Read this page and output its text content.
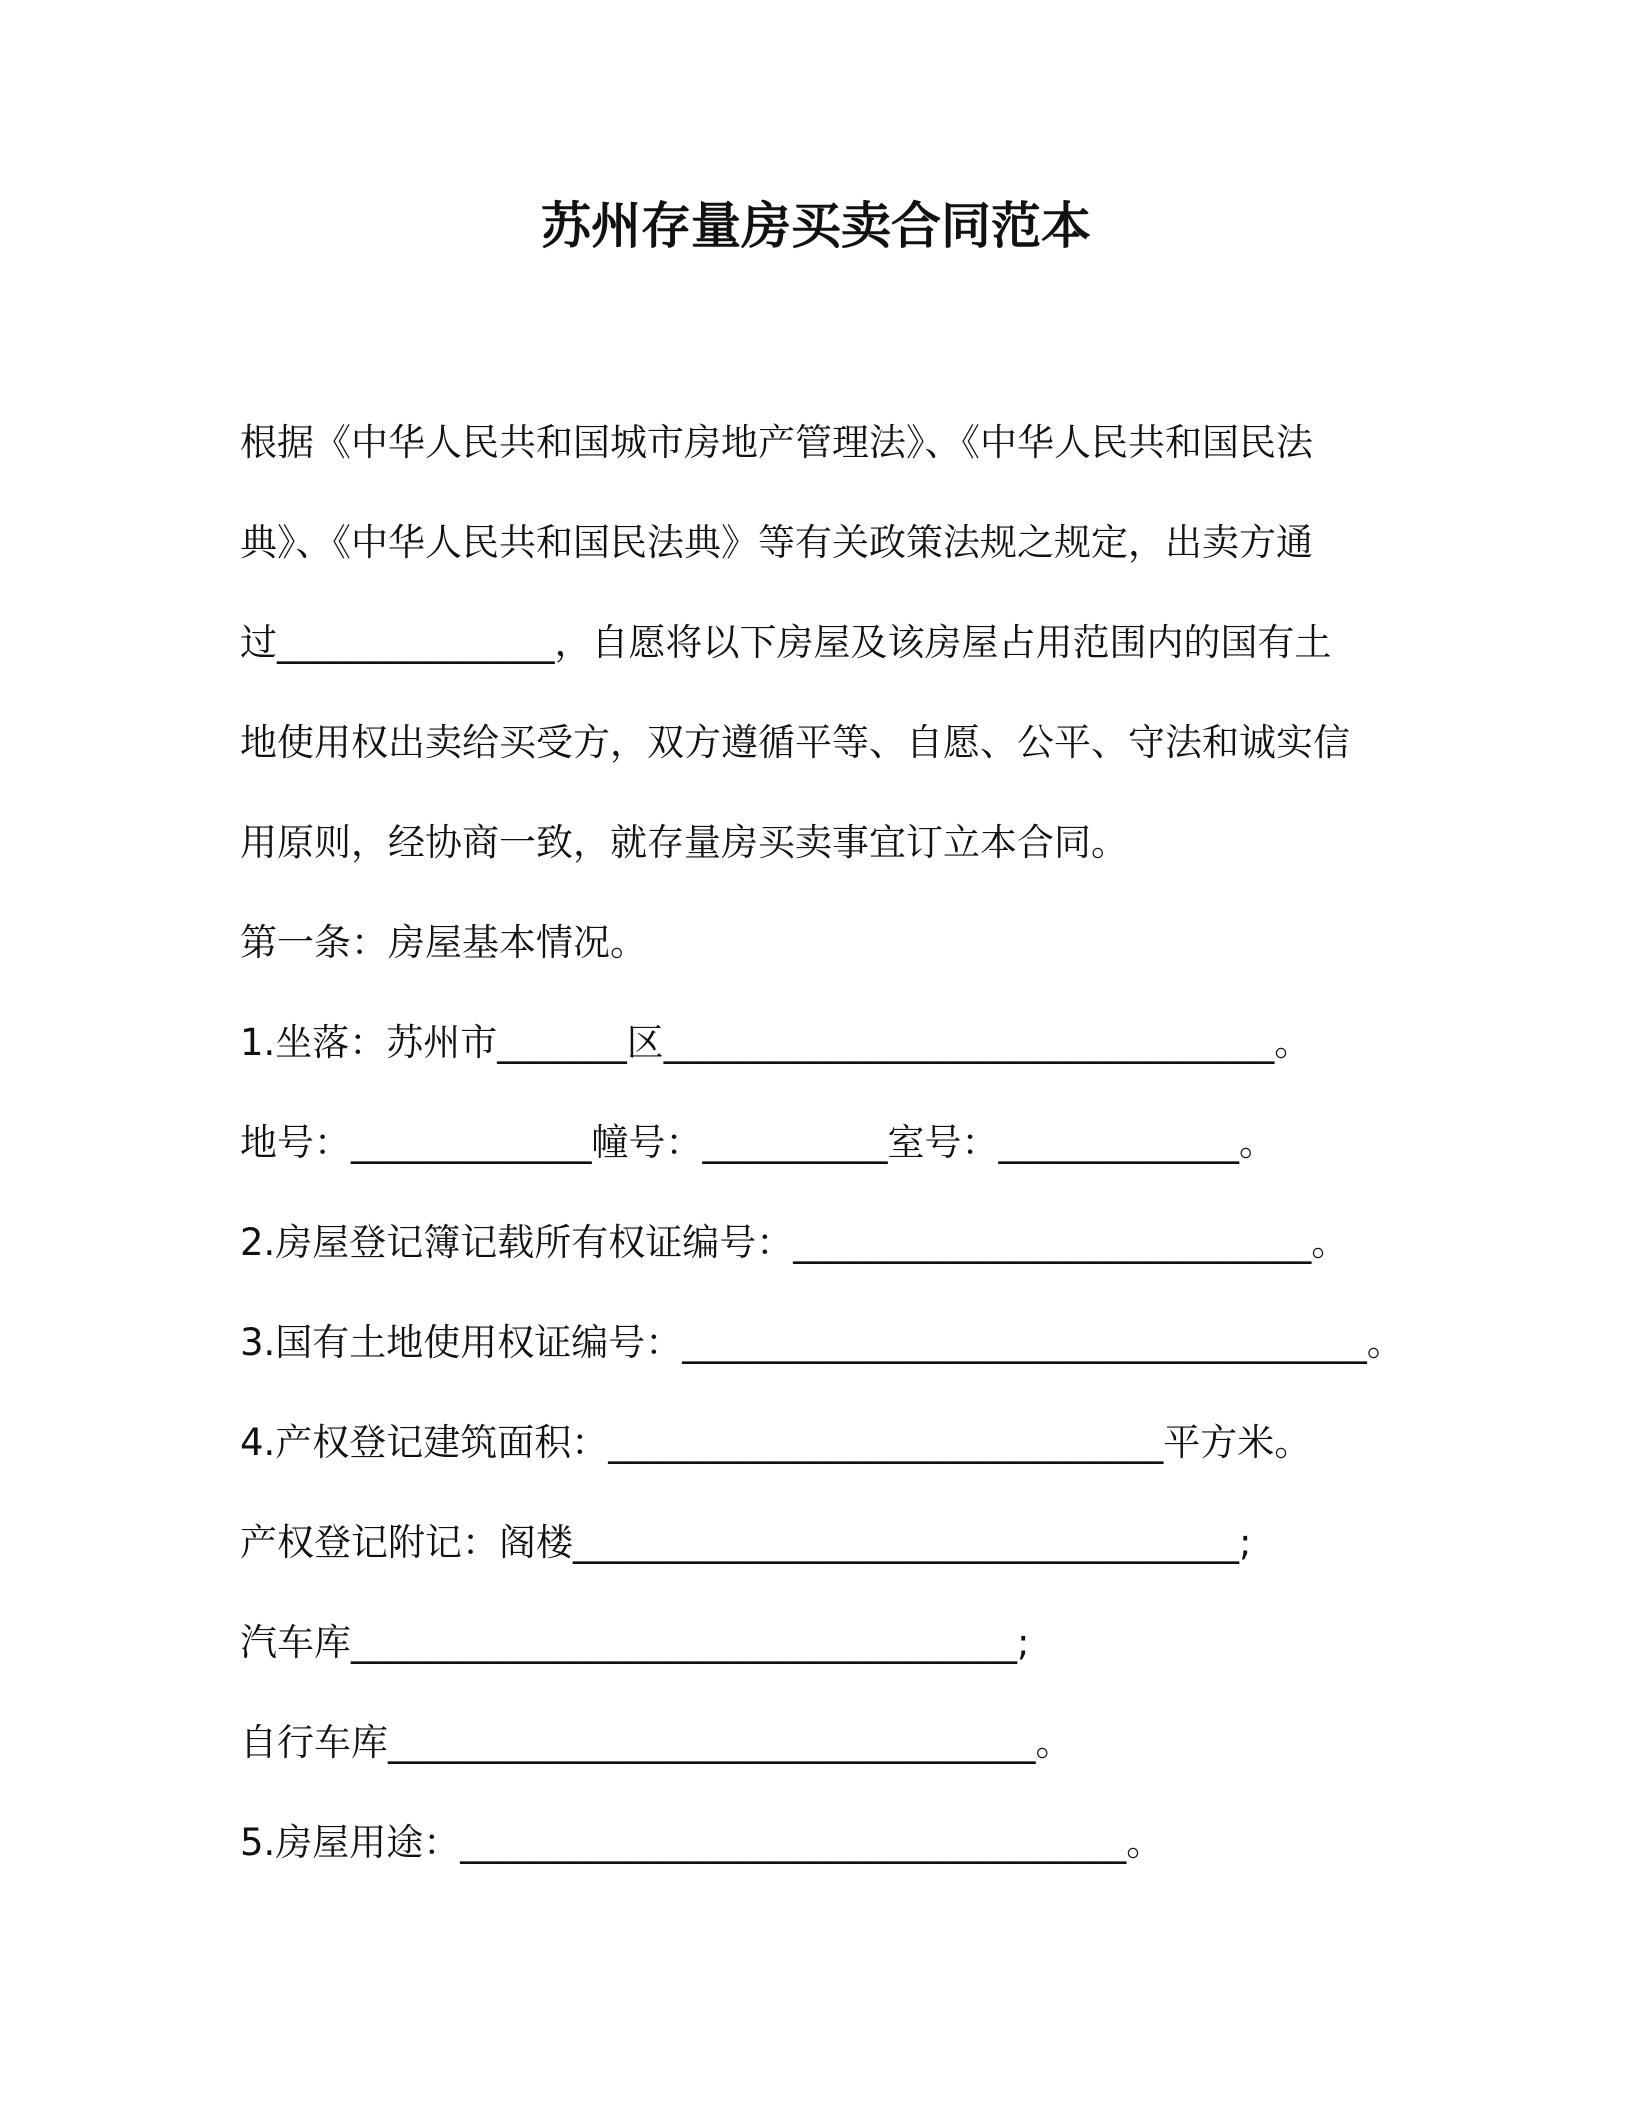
苏州存量房买卖合同范本
根据《中华人民共和国城市房地产管理法》、《中华人民共和国民法
典》、《中华人民共和国民法典》等有关政策法规之规定，出卖方通
过_______________，自愿将以下房屋及该房屋占用范围内的国有土
地使用权出卖给买受方，双方遵循平等、自愿、公平、守法和诚实信
用原则，经协商一致，就存量房买卖事宜订立本合同。
第一条：房屋基本情况。
1.坐落：苏州市_______区_________________________________。
地号：_____________幢号：__________室号：_____________。
2.房屋登记簿记载所有权证编号：____________________________。
3.国有土地使用权证编号：_____________________________________。
4.产权登记建筑面积：______________________________平方米。
产权登记附记：阁楼____________________________________;
汽车库____________________________________;
自行车库___________________________________。
5.房屋用途：____________________________________。
